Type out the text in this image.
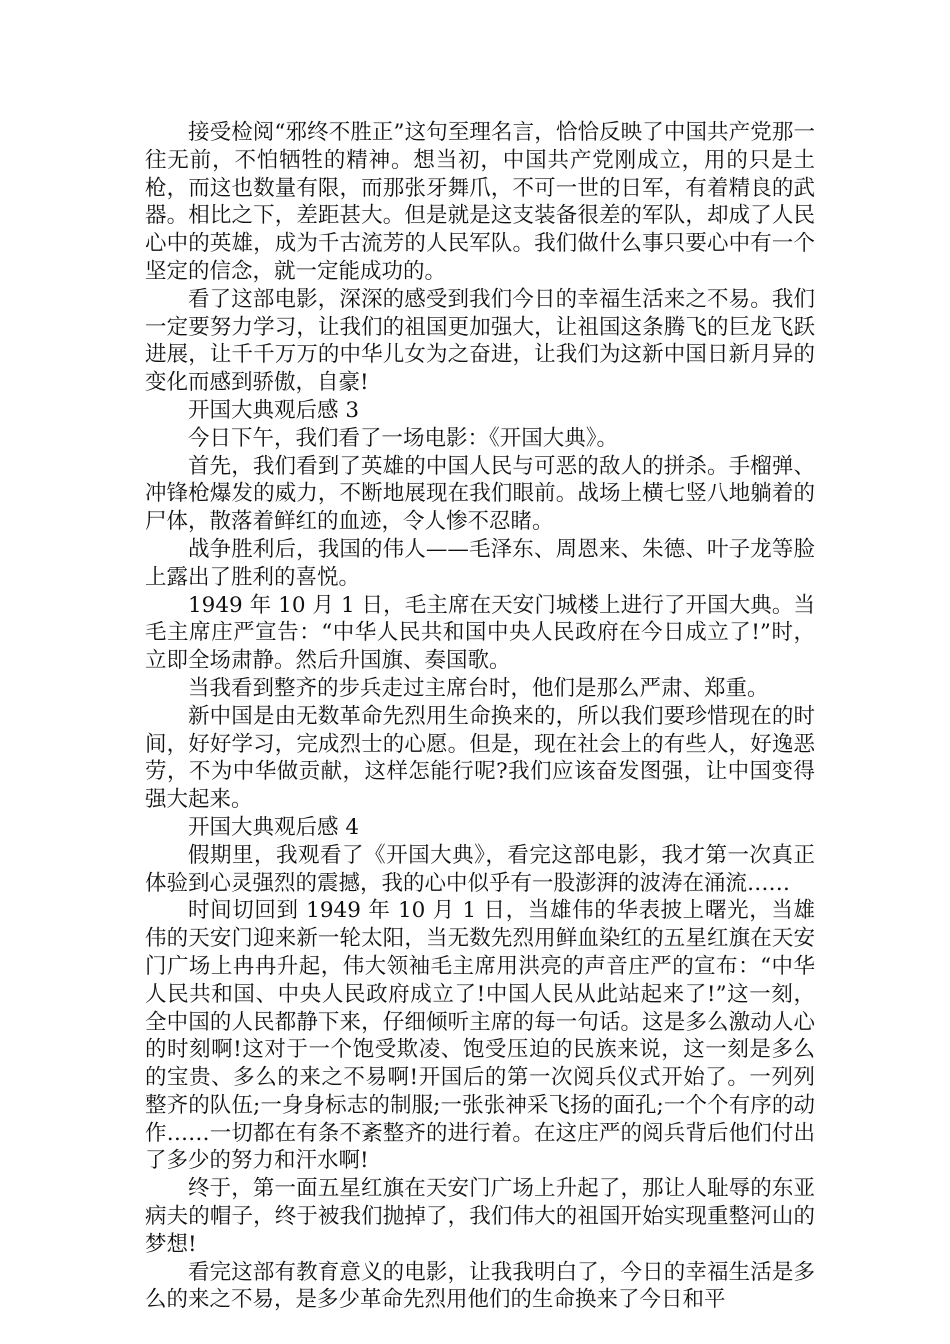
接受检阅“邪终不胜正”这句至理名言，恰恰反映了中国共产党那一往无前，不怕牺牲的精神。想当初，中国共产党刚成立，用的只是土枪，而这也数量有限，而那张牙舞爪，不可一世的日军，有着精良的武器。相比之下，差距甚大。但是就是这支装备很差的军队，却成了人民心中的英雄，成为千古流芳的人民军队。我们做什么事只要心中有一个坚定的信念，就一定能成功的。

看了这部电影，深深的感受到我们今日的幸福生活来之不易。我们一定要努力学习，让我们的祖国更加强大，让祖国这条腾飞的巨龙飞跃进展，让千千万万的中华儿女为之奋进，让我们为这新中国日新月异的变化而感到骄傲，自豪!

开国大典观后感 3

今日下午，我们看了一场电影：《开国大典》。

首先，我们看到了英雄的中国人民与可恶的敌人的拼杀。手榴弹、冲锋枪爆发的威力，不断地展现在我们眼前。战场上横七竖八地躺着的尸体，散落着鲜红的血迹，令人惨不忍睹。

战争胜利后，我国的伟人——毛泽东、周恩来、朱德、叶子龙等脸上露出了胜利的喜悦。

1949 年 10 月 1 日，毛主席在天安门城楼上进行了开国大典。当毛主席庄严宣告：“中华人民共和国中央人民政府在今日成立了!”时，立即全场肃静。然后升国旗、奏国歌。

当我看到整齐的步兵走过主席台时，他们是那么严肃、郑重。

新中国是由无数革命先烈用生命换来的，所以我们要珍惜现在的时间，好好学习，完成烈士的心愿。但是，现在社会上的有些人，好逸恶劳，不为中华做贡献，这样怎能行呢?我们应该奋发图强，让中国变得强大起来。

开国大典观后感 4

假期里，我观看了《开国大典》，看完这部电影，我才第一次真正体验到心灵强烈的震撼，我的心中似乎有一股澎湃的波涛在涌流……

时间切回到 1949 年 10 月 1 日，当雄伟的华表披上曙光，当雄伟的天安门迎来新一轮太阳，当无数先烈用鲜血染红的五星红旗在天安门广场上冉冉升起，伟大领袖毛主席用洪亮的声音庄严的宣布：“中华人民共和国、中央人民政府成立了!中国人民从此站起来了!”这一刻，全中国的人民都静下来，仔细倾听主席的每一句话。这是多么激动人心的时刻啊!这对于一个饱受欺凌、饱受压迫的民族来说，这一刻是多么的宝贵、多么的来之不易啊!开国后的第一次阅兵仪式开始了。一列列整齐的队伍;一身身标志的制服;一张张神采飞扬的面孔;一个个有序的动作……一切都在有条不紊整齐的进行着。在这庄严的阅兵背后他们付出了多少的努力和汗水啊!

终于，第一面五星红旗在天安门广场上升起了，那让人耻辱的东亚病夫的帽子，终于被我们抛掉了，我们伟大的祖国开始实现重整河山的梦想!

看完这部有教育意义的电影，让我我明白了，今日的幸福生活是多么的来之不易，是多少革命先烈用他们的生命换来了今日和平
